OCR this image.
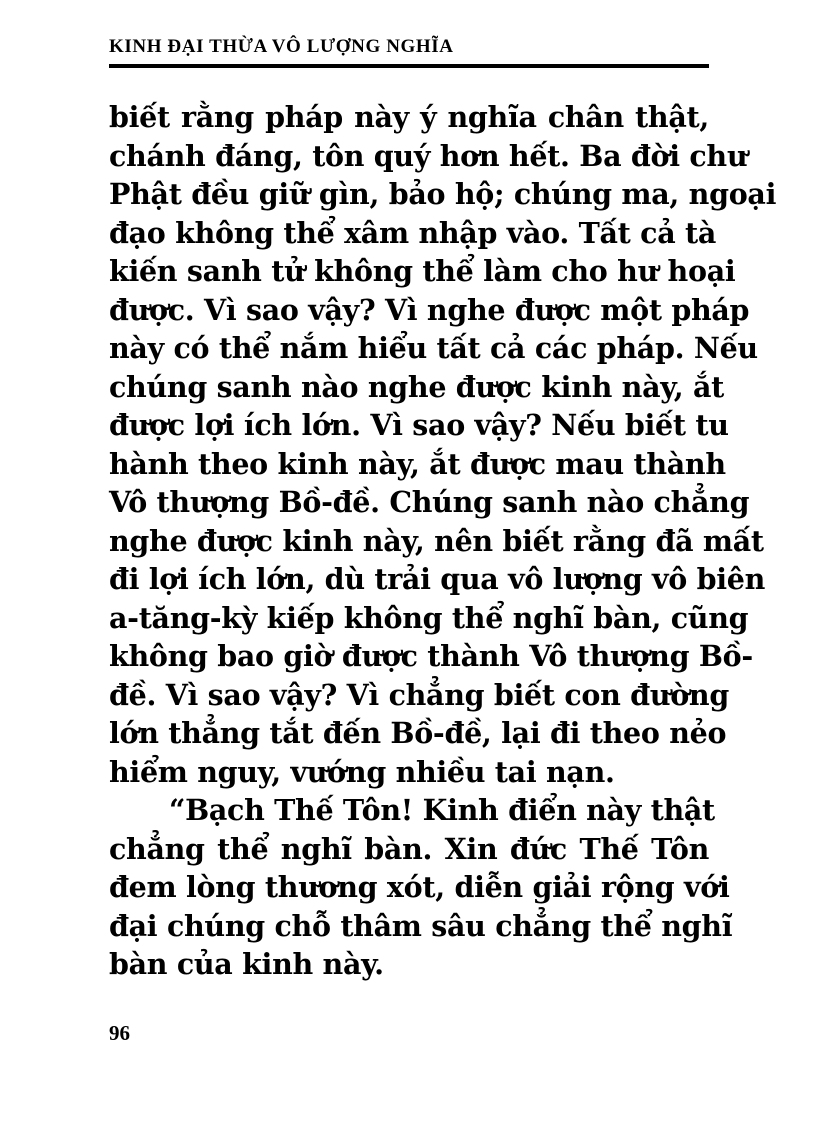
KINH ĐẠI THỪA VÔ LƯỢNG NGHĨA
biết rằng pháp này ý nghĩa chân thật,
chánh đáng, tôn quý hơn hết. Ba đời chư
Phật đều giữ gìn, bảo hộ; chúng ma, ngoại
đạo không thể xâm nhập vào. Tất cả tà
kiến sanh tử không thể làm cho hư hoại
được. Vì sao vậy? Vì nghe được một pháp
này có thể nắm hiểu tất cả các pháp. Nếu
chúng sanh nào nghe được kinh này, ắt
được lợi ích lớn. Vì sao vậy? Nếu biết tu
hành theo kinh này, ắt được mau thành
Vô thượng Bồ-đề. Chúng sanh nào chẳng
nghe được kinh này, nên biết rằng đã mất
đi lợi ích lớn, dù trải qua vô lượng vô biên
a-tăng-kỳ kiếp không thể nghĩ bàn, cũng
không bao giờ được thành Vô thượng Bồ-
đề. Vì sao vậy? Vì chẳng biết con đường
lớn thẳng tắt đến Bồ-đề, lại đi theo nẻo
hiểm nguy, vướng nhiều tai nạn.
“Bạch Thế Tôn! Kinh điển này thật
chẳng thể nghĩ bàn. Xin đức Thế Tôn
đem lòng thương xót, diễn giải rộng với
đại chúng chỗ thâm sâu chẳng thể nghĩ
bàn của kinh này.
96
